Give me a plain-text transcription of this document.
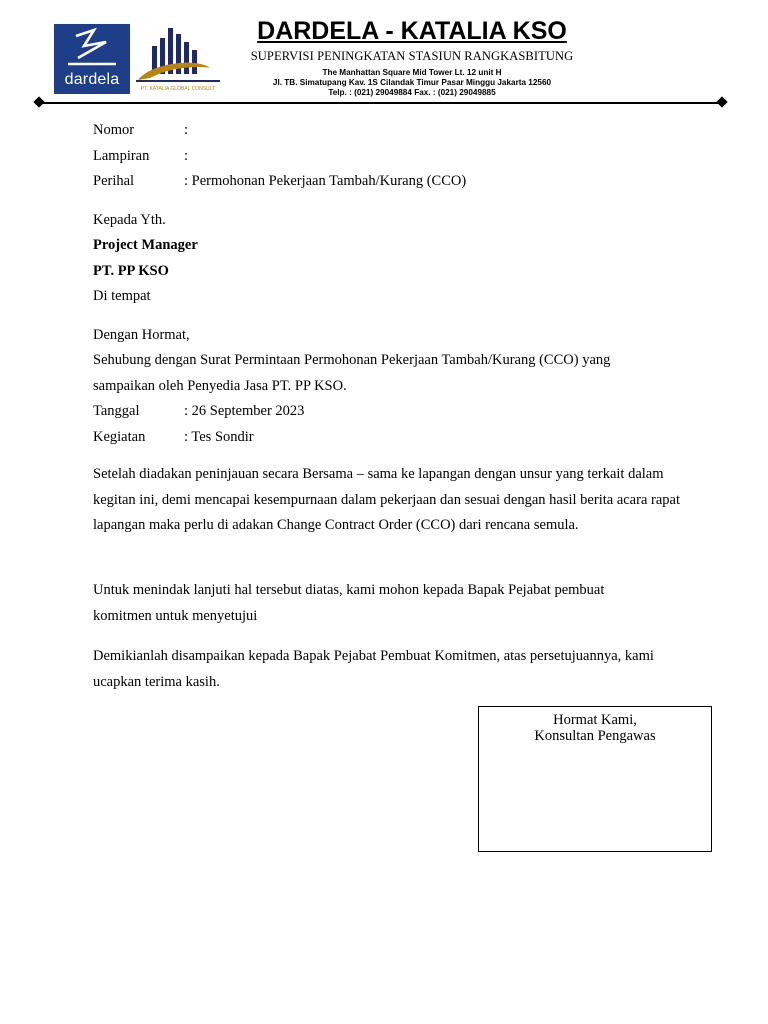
dardela
PT. KATALIA GLOBAL CONSULT
DARDELA - KATALIA KSO
SUPERVISI PENINGKATAN STASIUN RANGKASBITUNG
The Manhattan Square Mid Tower Lt. 12 unit H
Jl. TB. Simatupang Kav. 1S Cilandak Timur Pasar Minggu Jakarta 12560
Telp. : (021) 29049884 Fax. : (021) 29049885
Nomor	:
Lampiran :
Perihal	: Permohonan Pekerjaan Tambah/Kurang (CCO)
Kepada Yth.
Project Manager
PT. PP KSO
Di tempat
Dengan Hormat,
Sehubung dengan Surat Permintaan Permohonan Pekerjaan Tambah/Kurang (CCO) yang
sampaikan oleh Penyedia Jasa PT. PP KSO.
Tanggal	: 26 September 2023
Kegiatan	: Tes Sondir
Setelah diadakan peninjauan secara Bersama – sama ke lapangan dengan unsur yang terkait dalam kegitan ini, demi mencapai kesempurnaan dalam pekerjaan dan sesuai dengan hasil berita acara rapat lapangan maka perlu di adakan Change Contract Order (CCO) dari rencana semula.
Untuk menindak lanjuti hal tersebut diatas, kami mohon kepada Bapak Pejabat pembuat komitmen untuk menyetujui
Demikianlah disampaikan kepada Bapak Pejabat Pembuat Komitmen, atas persetujuannya, kami ucapkan terima kasih.
Hormat Kami,
Konsultan Pengawas
